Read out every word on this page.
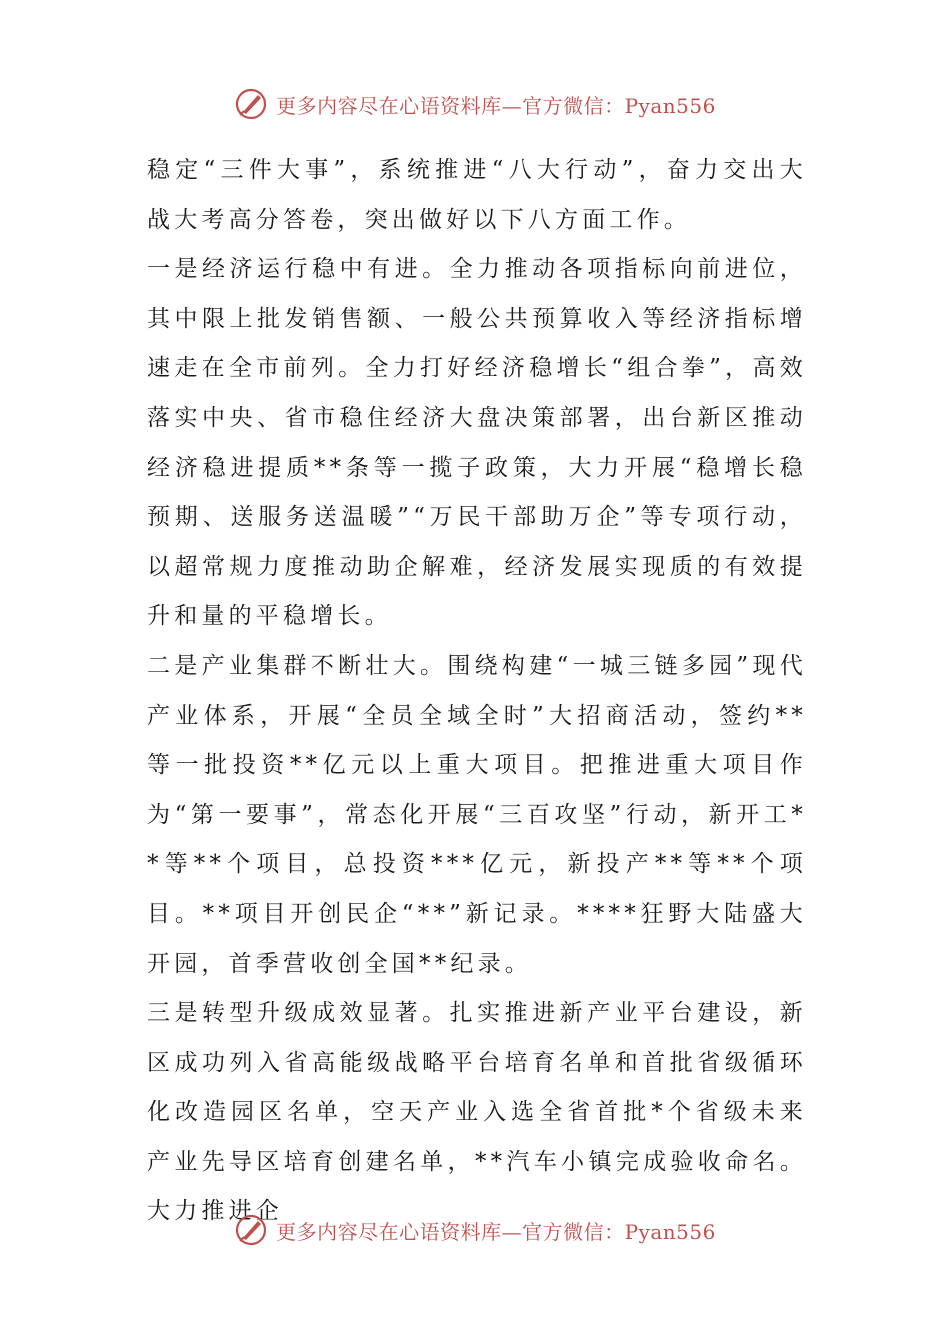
更多内容尽在心语资料库—官方微信：Pyan556

稳定“三件大事”，系统推进“八大行动”，奋力交出大战大考高分答卷，突出做好以下八方面工作。

一是经济运行稳中有进。全力推动各项指标向前进位，其中限上批发销售额、一般公共预算收入等经济指标增速走在全市前列。全力打好经济稳增长“组合拳”，高效落实中央、省市稳住经济大盘决策部署，出台新区推动经济稳进提质**条等一揽子政策，大力开展“稳增长稳预期、送服务送温暖”“万民干部助万企”等专项行动，以超常规力度推动助企解难，经济发展实现质的有效提升和量的平稳增长。

二是产业集群不断壮大。围绕构建“一城三链多园”现代产业体系，开展“全员全域全时”大招商活动，签约**等一批投资**亿元以上重大项目。把推进重大项目作为“第一要事”，常态化开展“三百攻坚”行动，新开工**等**个项目，总投资***亿元，新投产**等**个项目。**项目开创民企“**”新记录。****狂野大陆盛大开园，首季营收创全国**纪录。

三是转型升级成效显著。扎实推进新产业平台建设，新区成功列入省高能级战略平台培育名单和首批省级循环化改造园区名单，空天产业入选全省首批*个省级未来产业先导区培育创建名单，**汽车小镇完成验收命名。大力推进企

更多内容尽在心语资料库—官方微信：Pyan556
